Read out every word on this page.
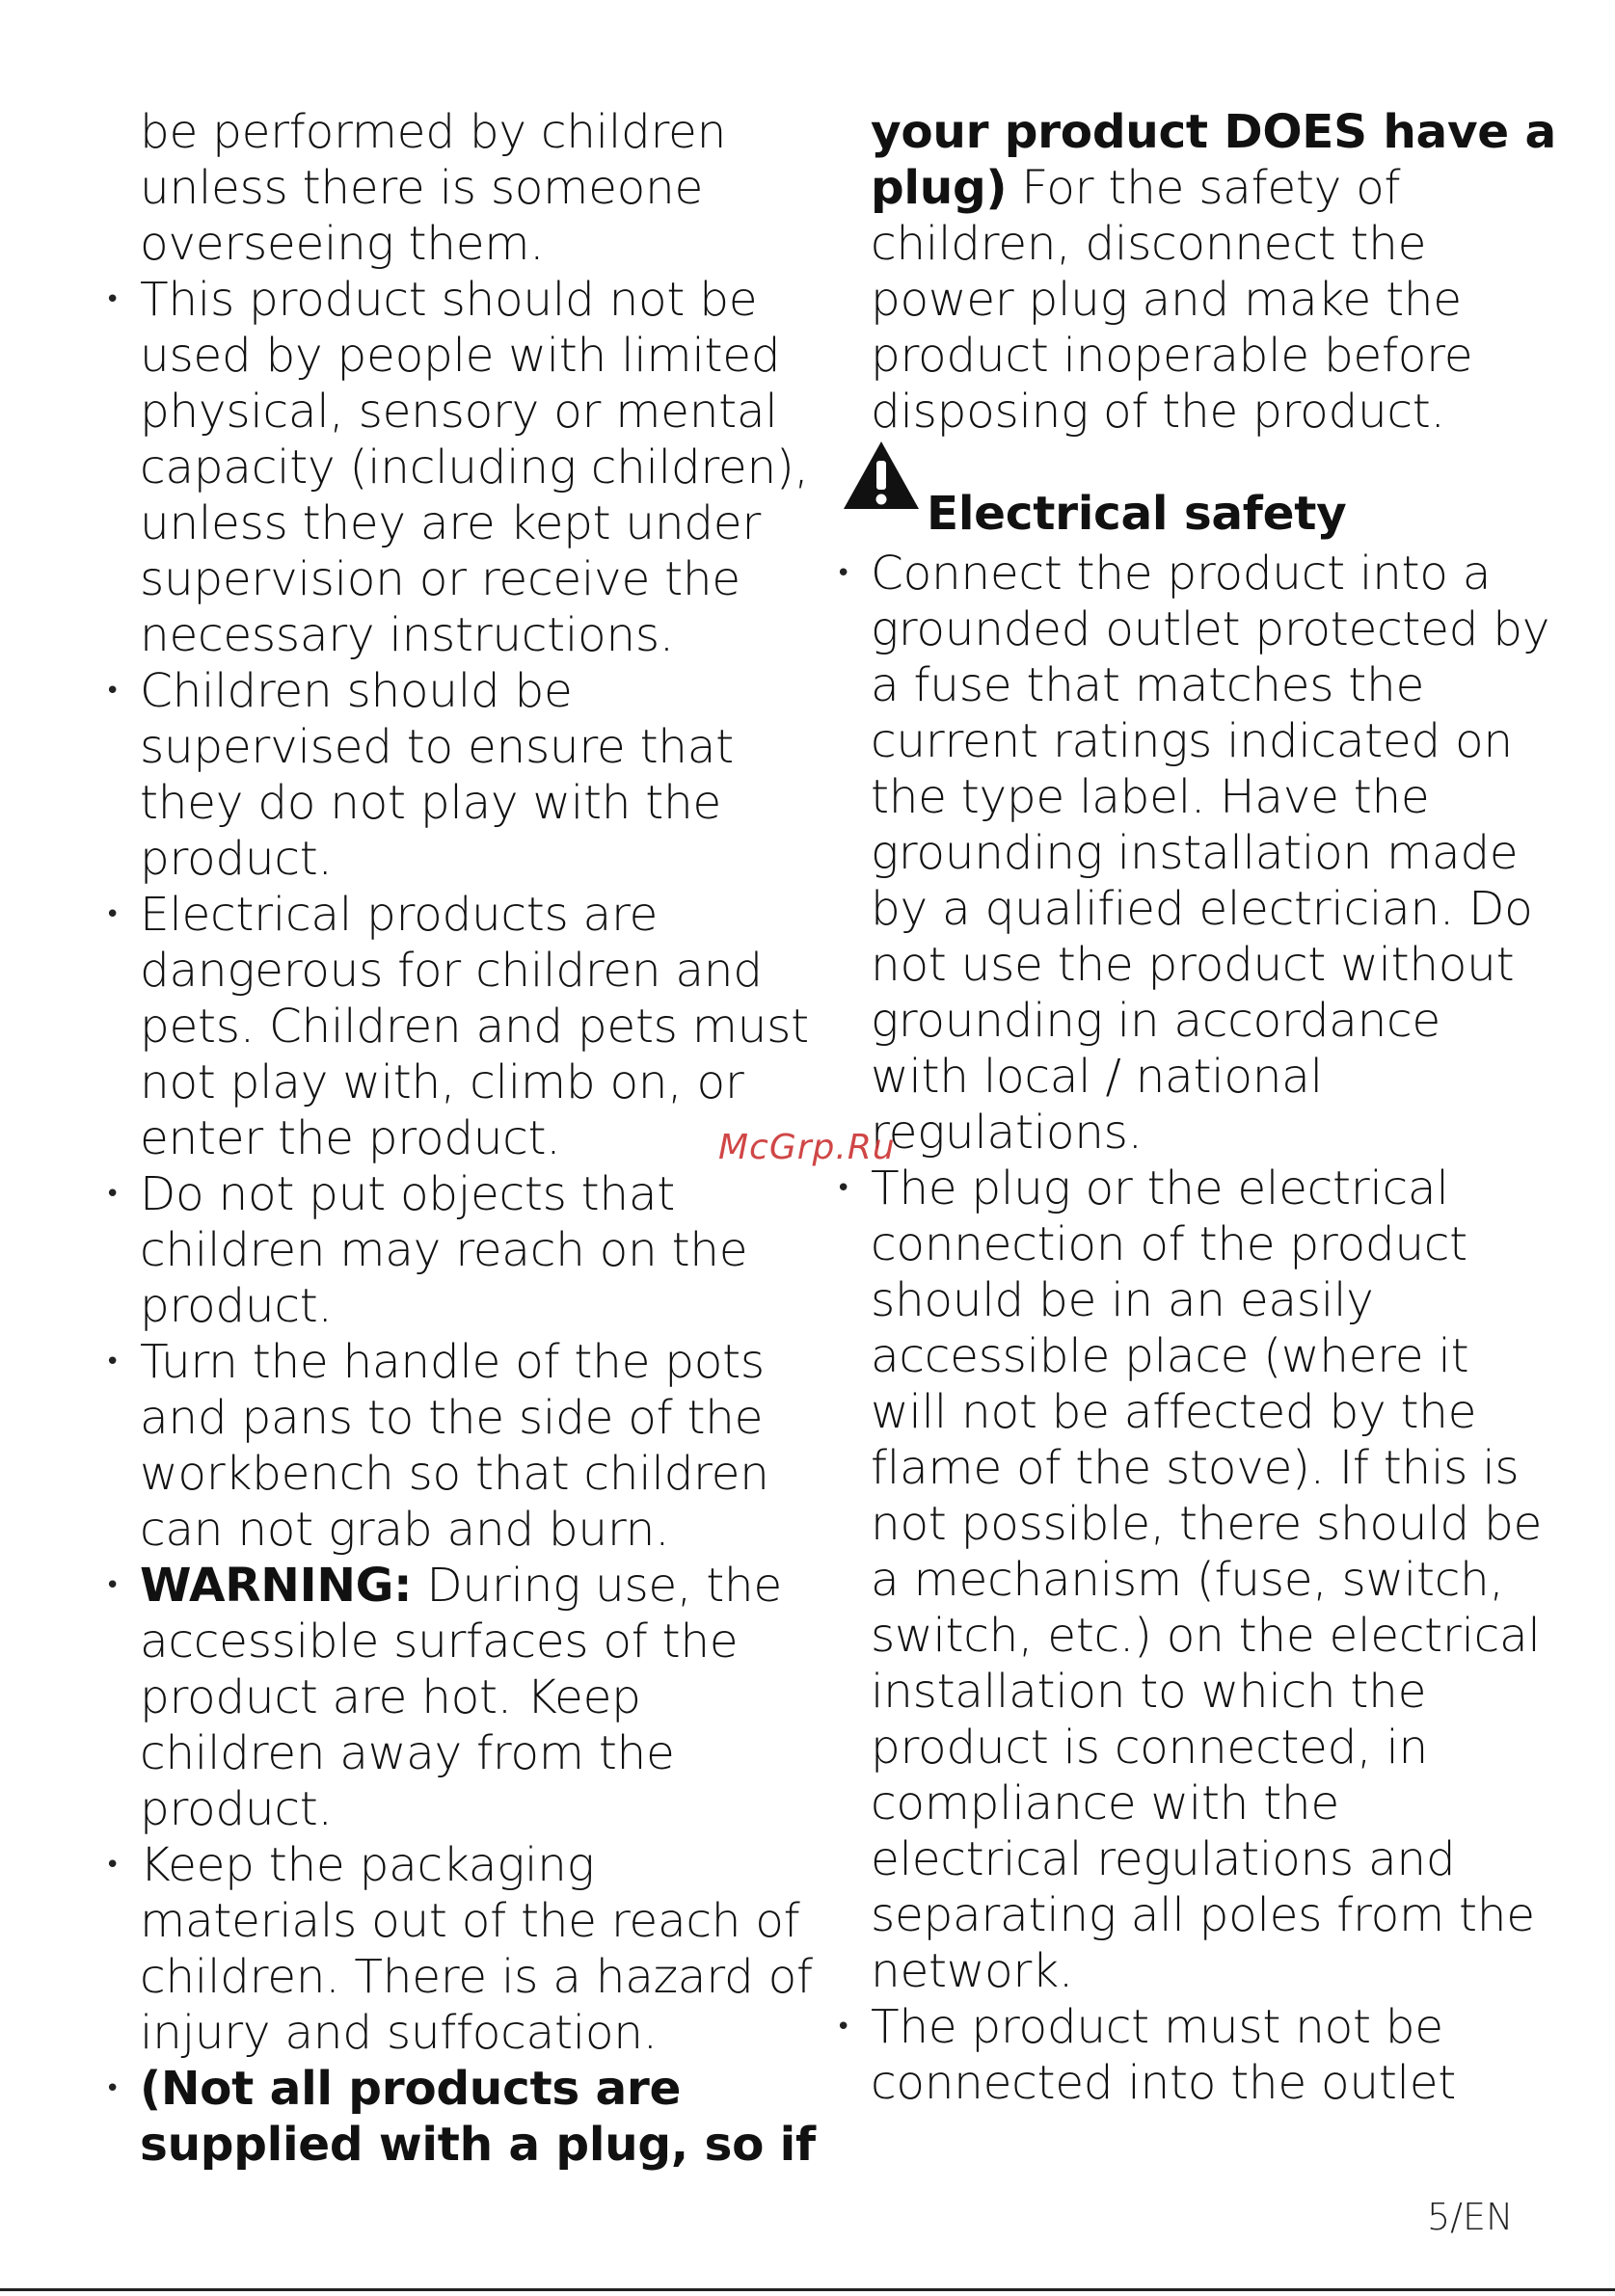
be performed by children
unless there is someone
overseeing them.
• This product should not be
used by people with limited
physical, sensory or mental
capacity (including children),
unless they are kept under
supervision or receive the
necessary instructions.
• Children should be
supervised to ensure that
they do not play with the
product.
• Electrical products are
dangerous for children and
pets. Children and pets must
not play with, climb on, or
enter the product.
• Do not put objects that
children may reach on the
product.
• Turn the handle of the pots
and pans to the side of the
workbench so that children
can not grab and burn.
• WARNING: During use, the
accessible surfaces of the
product are hot. Keep
children away from the
product.
• Keep the packaging
materials out of the reach of
children. There is a hazard of
injury and suffocation.
• (Not all products are
supplied with a plug, so if
your product DOES have a
plug) For the safety of
children, disconnect the
power plug and make the
product inoperable before
disposing of the product.
Electrical safety
• Connect the product into a
grounded outlet protected by
a fuse that matches the
current ratings indicated on
the type label. Have the
grounding installation made
by a qualified electrician. Do
not use the product without
grounding in accordance
with local / national
regulations.
• The plug or the electrical
connection of the product
should be in an easily
accessible place (where it
will not be affected by the
flame of the stove). If this is
not possible, there should be
a mechanism (fuse, switch,
switch, etc.) on the electrical
installation to which the
product is connected, in
compliance with the
electrical regulations and
separating all poles from the
network.
• The product must not be
connected into the outlet
McGrp.Ru
5/EN
